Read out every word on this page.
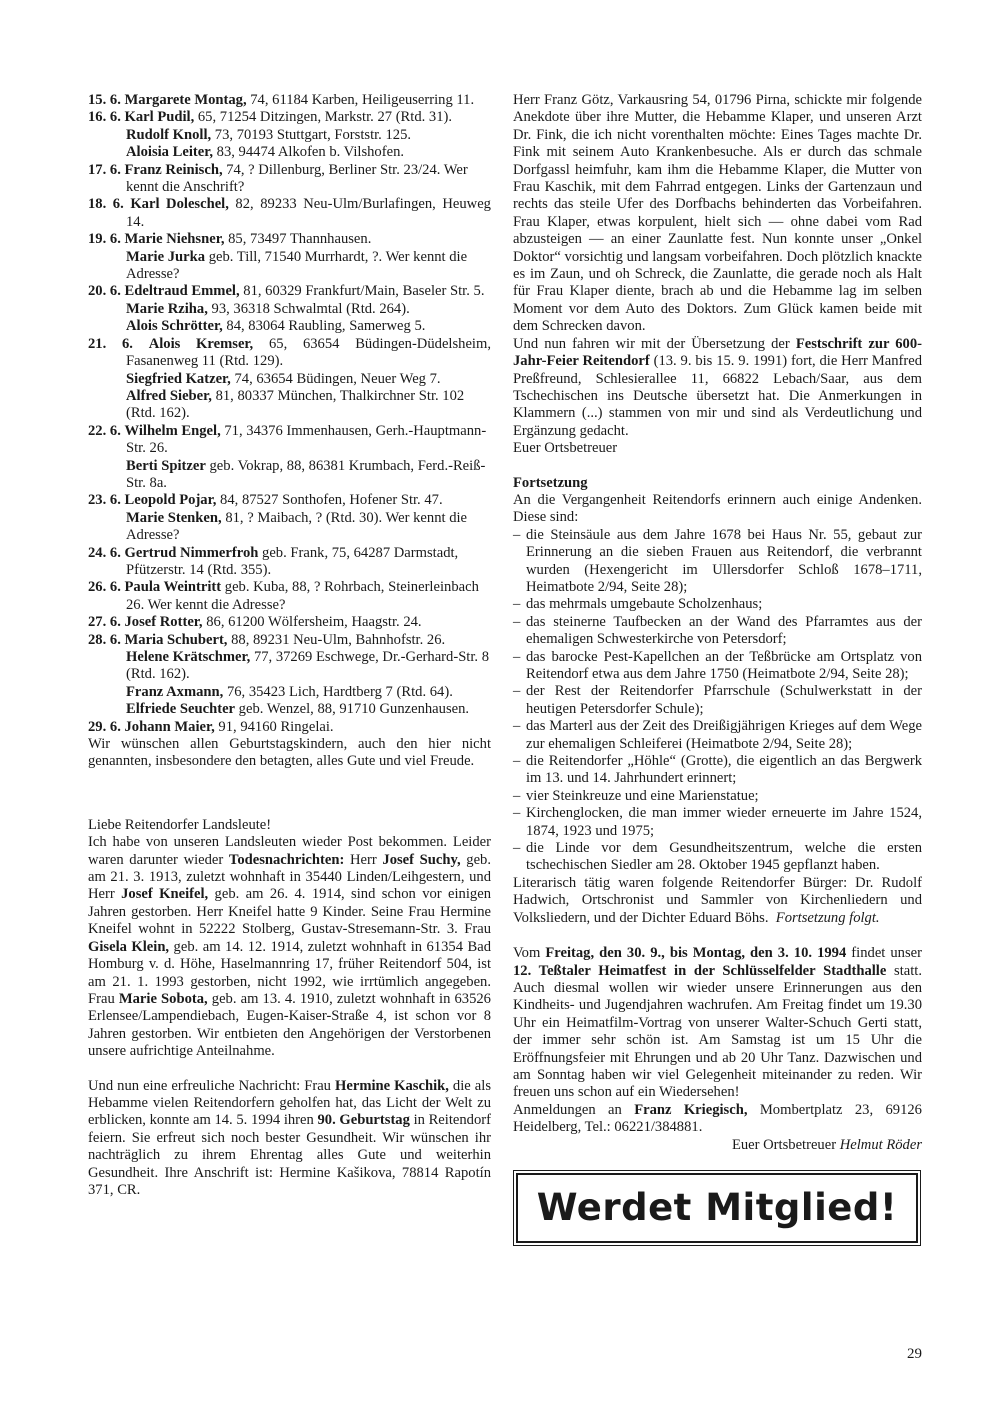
15. 6. Margarete Montag, 74, 61184 Karben, Heiligeuserring 11.

16. 6. Karl Pudil, 65, 71254 Ditzingen, Markstr. 27 (Rtd. 31).

Rudolf Knoll, 73, 70193 Stuttgart, Forststr. 125.

Aloisia Leiter, 83, 94474 Alkofen b. Vilshofen.

17. 6. Franz Reinisch, 74, ? Dillenburg, Berliner Str. 23/24. Wer kennt die Anschrift?

18. 6. Karl Doleschel, 82, 89233 Neu-Ulm/Burlafingen, Heuweg 14.

19. 6. Marie Niehsner, 85, 73497 Thannhausen.

Marie Jurka geb. Till, 71540 Murrhardt, ?. Wer kennt die Adresse?

20. 6. Edeltraud Emmel, 81, 60329 Frankfurt/Main, Baseler Str. 5.

Marie Rziha, 93, 36318 Schwalmtal (Rtd. 264).

Alois Schrötter, 84, 83064 Raubling, Samerweg 5.

21. 6. Alois Kremser, 65, 63654 Büdingen-Düdelsheim, Fasanenweg 11 (Rtd. 129).

Siegfried Katzer, 74, 63654 Büdingen, Neuer Weg 7.

Alfred Sieber, 81, 80337 München, Thalkirchner Str. 102 (Rtd. 162).

22. 6. Wilhelm Engel, 71, 34376 Immenhausen, Gerh.-Hauptmann-Str. 26.

Berti Spitzer geb. Vokrap, 88, 86381 Krumbach, Ferd.-Reiß-Str. 8a.

23. 6. Leopold Pojar, 84, 87527 Sonthofen, Hofener Str. 47.

Marie Stenken, 81, ? Maibach, ? (Rtd. 30). Wer kennt die Adresse?

24. 6. Gertrud Nimmerfroh geb. Frank, 75, 64287 Darmstadt, Pfützerstr. 14 (Rtd. 355).

26. 6. Paula Weintritt geb. Kuba, 88, ? Rohrbach, Steinerleinbach 26. Wer kennt die Adresse?

27. 6. Josef Rotter, 86, 61200 Wölfersheim, Haagstr. 24.

28. 6. Maria Schubert, 88, 89231 Neu-Ulm, Bahnhofstr. 26.

Helene Krätschmer, 77, 37269 Eschwege, Dr.-Gerhard-Str. 8 (Rtd. 162).

Franz Axmann, 76, 35423 Lich, Hardtberg 7 (Rtd. 64).

Elfriede Seuchter geb. Wenzel, 88, 91710 Gunzenhausen.

29. 6. Johann Maier, 91, 94160 Ringelai.

Wir wünschen allen Geburtstagskindern, auch den hier nicht genannten, insbesondere den betagten, alles Gute und viel Freude.

Liebe Reitendorfer Landsleute!

Ich habe von unseren Landsleuten wieder Post bekommen. Leider waren darunter wieder Todesnachrichten: Herr Josef Suchy, geb. am 21. 3. 1913, zuletzt wohnhaft in 35440 Linden/Leihgestern, und Herr Josef Kneifel, geb. am 26. 4. 1914, sind schon vor einigen Jahren gestorben. Herr Kneifel hatte 9 Kinder. Seine Frau Hermine Kneifel wohnt in 52222 Stolberg, Gustav-Stresemann-Str. 3. Frau Gisela Klein, geb. am 14. 12. 1914, zuletzt wohnhaft in 61354 Bad Homburg v. d. Höhe, Haselmannring 17, früher Reitendorf 504, ist am 21. 1. 1993 gestorben, nicht 1992, wie irrtümlich angegeben. Frau Marie Sobota, geb. am 13. 4. 1910, zuletzt wohnhaft in 63526 Erlensee/Lampendiebach, Eugen-Kaiser-Straße 4, ist schon vor 8 Jahren gestorben. Wir entbieten den Angehörigen der Verstorbenen unsere aufrichtige Anteilnahme.

Und nun eine erfreuliche Nachricht: Frau Hermine Kaschik, die als Hebamme vielen Reitendorfern geholfen hat, das Licht der Welt zu erblicken, konnte am 14. 5. 1994 ihren 90. Geburtstag in Reitendorf feiern. Sie erfreut sich noch bester Gesundheit. Wir wünschen ihr nachträglich zu ihrem Ehrentag alles Gute und weiterhin Gesundheit. Ihre Anschrift ist: Hermine Kašikova, 78814 Rapotín 371, CR.

Herr Franz Götz, Varkausring 54, 01796 Pirna, schickte mir folgende Anekdote über ihre Mutter, die Hebamme Klaper, und unseren Arzt Dr. Fink, die ich nicht vorenthalten möchte: Eines Tages machte Dr. Fink mit seinem Auto Krankenbesuche. Als er durch das schmale Dorfgassl heimfuhr, kam ihm die Hebamme Klaper, die Mutter von Frau Kaschik, mit dem Fahrrad entgegen. Links der Gartenzaun und rechts das steile Ufer des Dorfbachs behinderten das Vorbeifahren. Frau Klaper, etwas korpulent, hielt sich — ohne dabei vom Rad abzusteigen — an einer Zaunlatte fest. Nun konnte unser „Onkel Doktor“ vorsichtig und langsam vorbeifahren. Doch plötzlich knackte es im Zaun, und oh Schreck, die Zaunlatte, die gerade noch als Halt für Frau Klaper diente, brach ab und die Hebamme lag im selben Moment vor dem Auto des Doktors. Zum Glück kamen beide mit dem Schrecken davon.

Und nun fahren wir mit der Übersetzung der Festschrift zur 600-Jahr-Feier Reitendorf (13. 9. bis 15. 9. 1991) fort, die Herr Manfred Preßfreund, Schlesierallee 11, 66822 Lebach/Saar, aus dem Tschechischen ins Deutsche übersetzt hat. Die Anmerkungen in Klammern (...) stammen von mir und sind als Verdeutlichung und Ergänzung gedacht.

Euer Ortsbetreuer

Fortsetzung

An die Vergangenheit Reitendorfs erinnern auch einige Andenken. Diese sind:

– die Steinsäule aus dem Jahre 1678 bei Haus Nr. 55, gebaut zur Erinnerung an die sieben Frauen aus Reitendorf, die verbrannt wurden (Hexengericht im Ullersdorfer Schloß 1678–1711, Heimatbote 2/94, Seite 28);

– das mehrmals umgebaute Scholzenhaus;

– das steinerne Taufbecken an der Wand des Pfarramtes aus der ehemaligen Schwesterkirche von Petersdorf;

– das barocke Pest-Kapellchen an der Teßbrücke am Ortsplatz von Reitendorf etwa aus dem Jahre 1750 (Heimatbote 2/94, Seite 28);

– der Rest der Reitendorfer Pfarrschule (Schulwerkstatt in der heutigen Petersdorfer Schule);

– das Marterl aus der Zeit des Dreißigjährigen Krieges auf dem Wege zur ehemaligen Schleiferei (Heimatbote 2/94, Seite 28);

– die Reitendorfer „Höhle“ (Grotte), die eigentlich an das Bergwerk im 13. und 14. Jahrhundert erinnert;

– vier Steinkreuze und eine Marienstatue;

– Kirchenglocken, die man immer wieder erneuerte im Jahre 1524, 1874, 1923 und 1975;

– die Linde vor dem Gesundheitszentrum, welche die ersten tschechischen Siedler am 28. Oktober 1945 gepflanzt haben.

Literarisch tätig waren folgende Reitendorfer Bürger: Dr. Rudolf Hadwich, Ortschronist und Sammler von Kirchenliedern und Volksliedern, und der Dichter Eduard Böhs. Fortsetzung folgt.

Vom Freitag, den 30. 9., bis Montag, den 3. 10. 1994 findet unser 12. Teßtaler Heimatfest in der Schlüsselfelder Stadthalle statt. Auch diesmal wollen wir wieder unsere Erinnerungen aus den Kindheits- und Jugendjahren wachrufen. Am Freitag findet um 19.30 Uhr ein Heimatfilm-Vortrag von unserer Walter-Schuch Gerti statt, der immer sehr schön ist. Am Samstag ist um 15 Uhr die Eröffnungsfeier mit Ehrungen und ab 20 Uhr Tanz. Dazwischen und am Sonntag haben wir viel Gelegenheit miteinander zu reden. Wir freuen uns schon auf ein Wiedersehen!

Anmeldungen an Franz Kriegisch, Mombertplatz 23, 69126 Heidelberg, Tel.: 06221/384881.

Euer Ortsbetreuer Helmut Röder

Werdet Mitglied!
29
